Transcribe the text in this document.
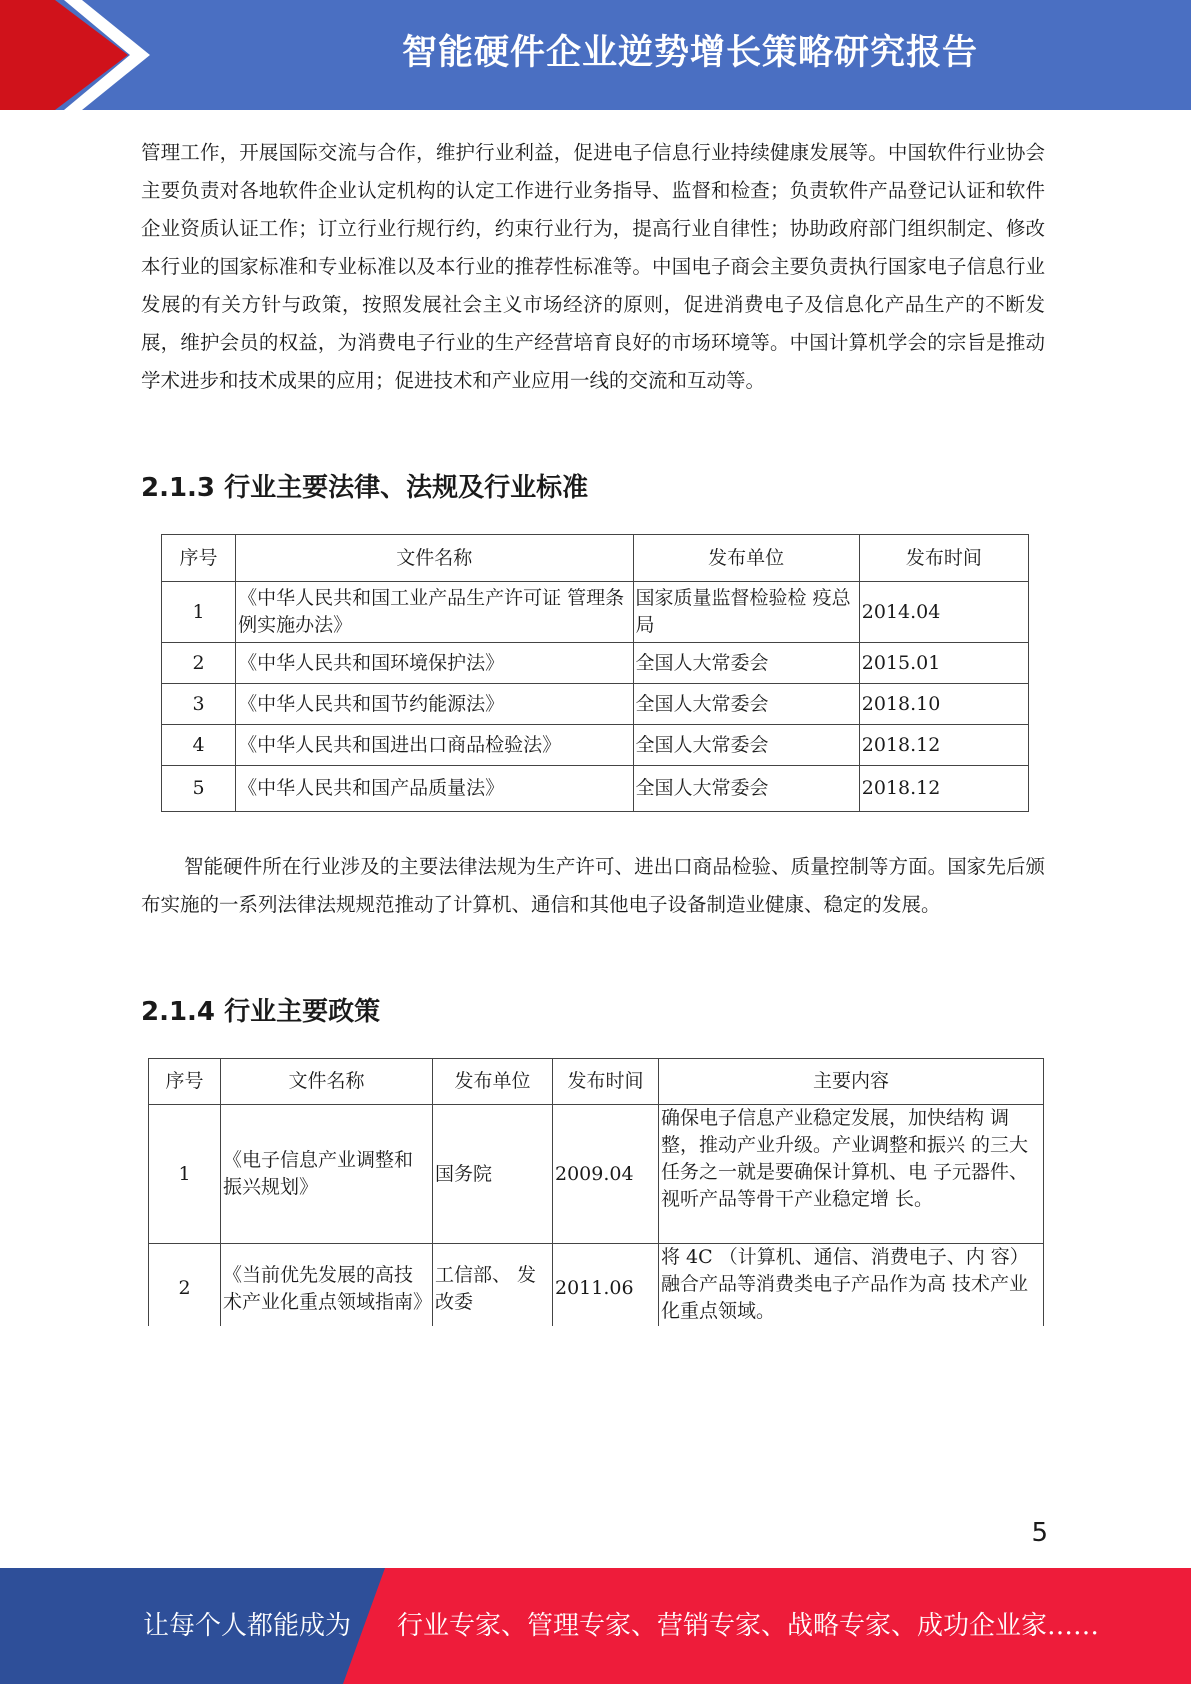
智能硬件企业逆势增长策略研究报告

管理工作，开展国际交流与合作，维护行业利益，促进电子信息行业持续健康发展等。中国软件行业协会主要负责对各地软件企业认定机构的认定工作进行业务指导、监督和检查；负责软件产品登记认证和软件企业资质认证工作；订立行业行规行约，约束行业行为，提高行业自律性；协助政府部门组织制定、修改本行业的国家标准和专业标准以及本行业的推荐性标准等。中国电子商会主要负责执行国家电子信息行业发展的有关方针与政策，按照发展社会主义市场经济的原则，促进消费电子及信息化产品生产的不断发展，维护会员的权益，为消费电子行业的生产经营培育良好的市场环境等。中国计算机学会的宗旨是推动学术进步和技术成果的应用；促进技术和产业应用一线的交流和互动等。

2.1.3 行业主要法律、法规及行业标准
序号	文件名称	发布单位	发布时间
1	《中华人民共和国工业产品生产许可证 管理条例实施办法》	国家质量监督检验检 疫总局	2014.04
2	《中华人民共和国环境保护法》	全国人大常委会	2015.01
3	《中华人民共和国节约能源法》	全国人大常委会	2018.10
4	《中华人民共和国进出口商品检验法》	全国人大常委会	2018.12
5	《中华人民共和国产品质量法》	全国人大常委会	2018.12

智能硬件所在行业涉及的主要法律法规为生产许可、进出口商品检验、质量控制等方面。国家先后颁布实施的一系列法律法规规范推动了计算机、通信和其他电子设备制造业健康、稳定的发展。

2.1.4 行业主要政策
序号	文件名称	发布单位	发布时间	主要内容
1	《电子信息产业调整和振兴规划》	国务院	2009.04	确保电子信息产业稳定发展，加快结构 调整，推动产业升级。产业调整和振兴 的三大任务之一就是要确保计算机、电 子元器件、视听产品等骨干产业稳定增 长。
2	《当前优先发展的高技术产业化重点领域指南》	工信部、 发改委	2011.06	将 4C （计算机、通信、消费电子、内 容）融合产品等消费类电子产品作为高 技术产业化重点领域。
5
让每个人都能成为 行业专家、管理专家、营销专家、战略专家、成功企业家……
